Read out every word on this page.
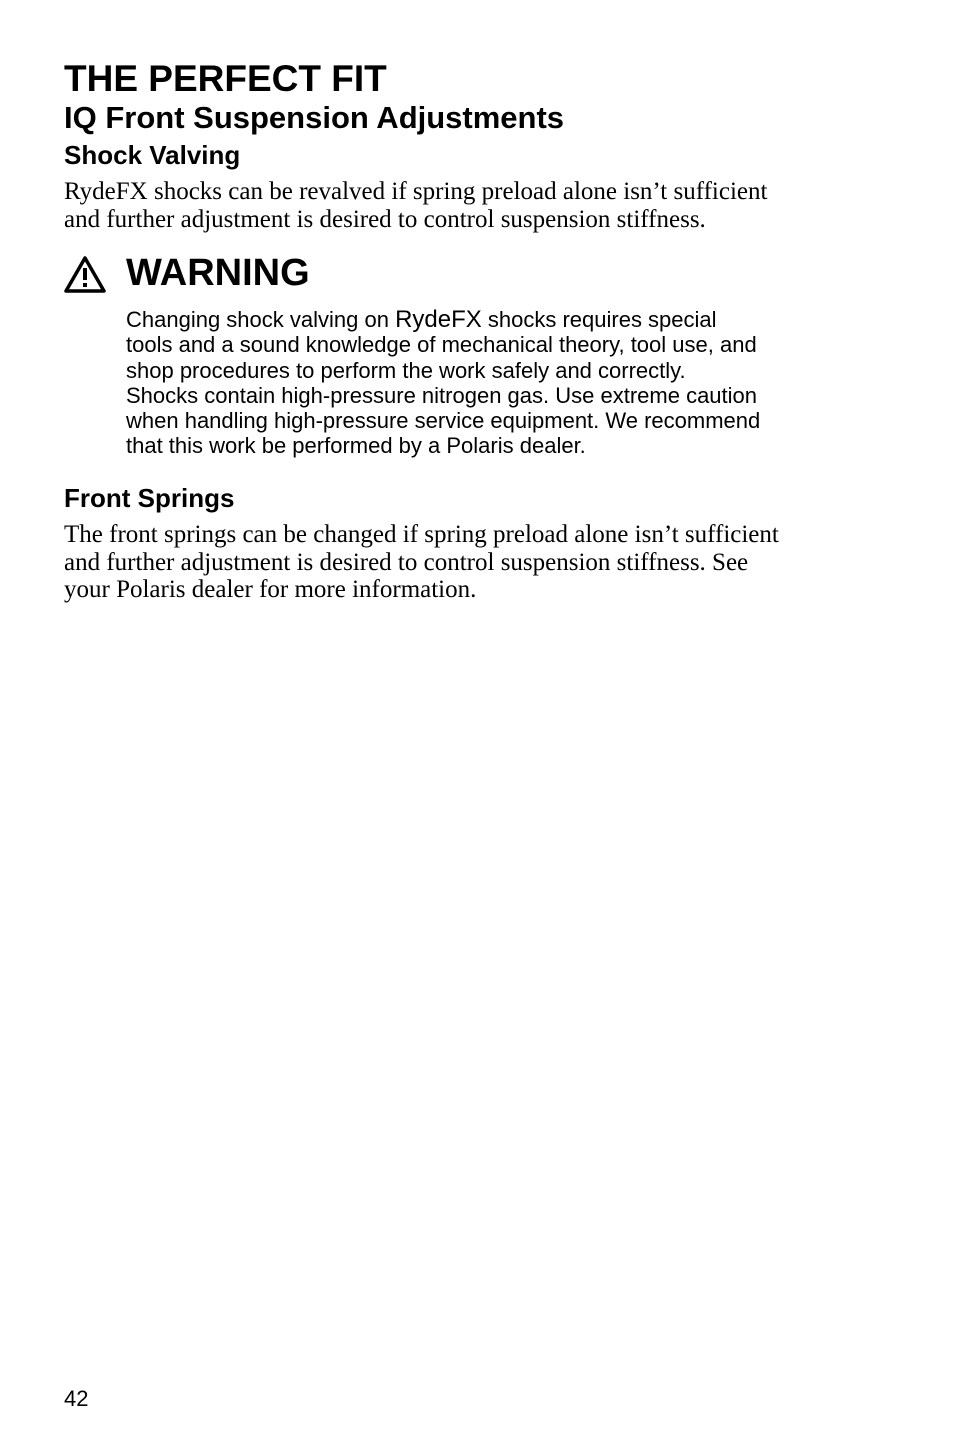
THE PERFECT FIT
IQ Front Suspension Adjustments
Shock Valving

RydeFX shocks can be revalved if spring preload alone isn’t sufficient
and further adjustment is desired to control suspension stiffness.

WARNING

Changing shock valving on RydeFX shocks requires special
tools and a sound knowledge of mechanical theory, tool use, and
shop procedures to perform the work safely and correctly.
Shocks contain high-pressure nitrogen gas. Use extreme caution
when handling high-pressure service equipment. We recommend
that this work be performed by a Polaris dealer.

Front Springs

The front springs can be changed if spring preload alone isn’t sufficient
and further adjustment is desired to control suspension stiffness. See
your Polaris dealer for more information.

42
